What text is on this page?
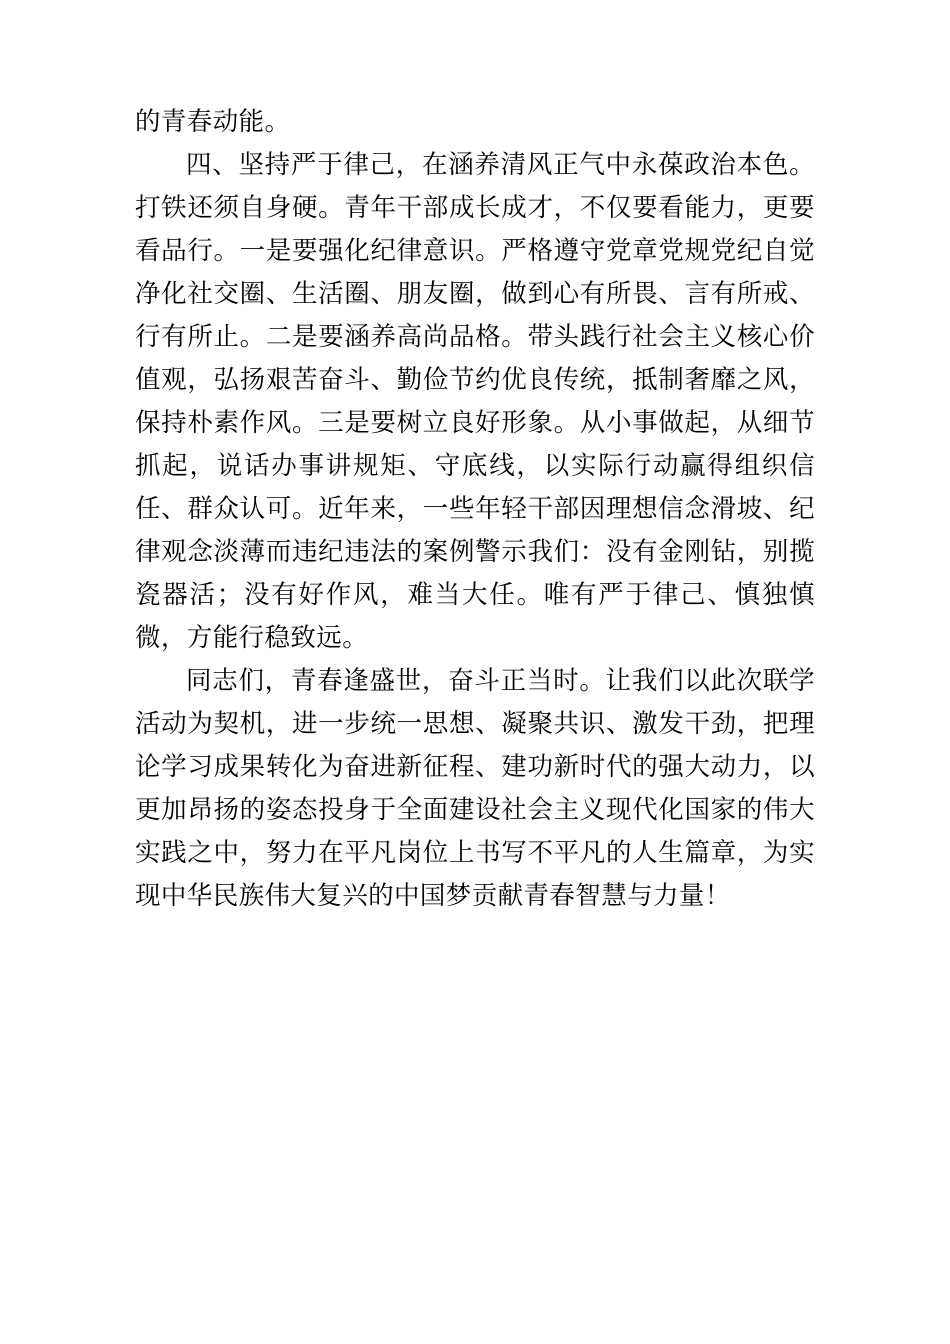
的青春动能。

四、坚持严于律己，在涵养清风正气中永葆政治本色。打铁还须自身硬。青年干部成长成才，不仅要看能力，更要看品行。一是要强化纪律意识。严格遵守党章党规党纪自觉净化社交圈、生活圈、朋友圈，做到心有所畏、言有所戒、行有所止。二是要涵养高尚品格。带头践行社会主义核心价值观，弘扬艰苦奋斗、勤俭节约优良传统，抵制奢靡之风，保持朴素作风。三是要树立良好形象。从小事做起，从细节抓起，说话办事讲规矩、守底线，以实际行动赢得组织信任、群众认可。近年来，一些年轻干部因理想信念滑坡、纪律观念淡薄而违纪违法的案例警示我们：没有金刚钻，别揽瓷器活；没有好作风，难当大任。唯有严于律己、慎独慎微，方能行稳致远。

同志们，青春逢盛世，奋斗正当时。让我们以此次联学活动为契机，进一步统一思想、凝聚共识、激发干劲，把理论学习成果转化为奋进新征程、建功新时代的强大动力，以更加昂扬的姿态投身于全面建设社会主义现代化国家的伟大实践之中，努力在平凡岗位上书写不平凡的人生篇章，为实现中华民族伟大复兴的中国梦贡献青春智慧与力量！
